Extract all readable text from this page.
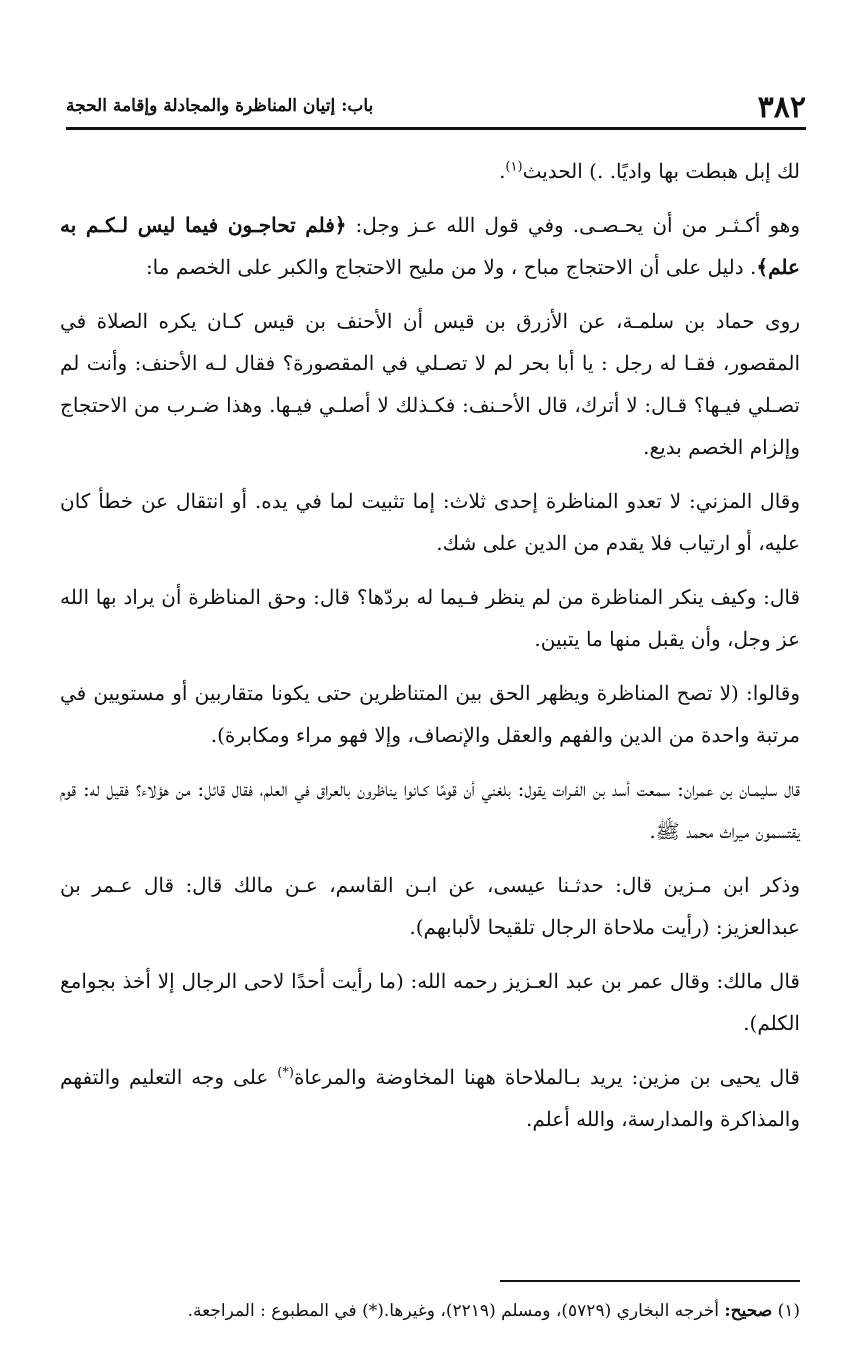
٣٨٢
باب: إتيان المناظرة والمجادلة وإقامة الحجة

لك إبل هبطت بها واديًا. .) الحديث$^{(١)}$.

وهو أكـثـر من أن يحـصـى. وفي قول الله عـز وجل: ﴿فلم تحاجـون فيما ليس لـكـم به علم﴾. دليل على أن الاحتجاج مباح ، ولا من مليح الاحتجاج والكبر على الخصم ما:

روى حماد بن سلمـة، عن الأزرق بن قيس أن الأحنف بن قيس كـان يكره الصلاة في المقصور، فقـا له رجل : يا أبا بحر لم لا تصـلي في المقصورة؟ فقال لـه الأحنف: وأنت لم تصـلي فيـها؟ قـال: لا أترك، قال الأحـنف: فكـذلك لا أصلـي فيـها. وهذا ضـرب من الاحتجاج وإلزام الخصم بديع.

وقال المزني: لا تعدو المناظرة إحدى ثلاث: إما تثبيت لما في يده. أو انتقال عن خطأ كان عليه، أو ارتياب فلا يقدم من الدين على شك.

قال: وكيف ينكر المناظرة من لم ينظر فـيما له بردّها؟ قال: وحق المناظرة أن يراد بها الله عز وجل، وأن يقبل منها ما يتبين.

وقالوا: (لا تصح المناظرة ويظهر الحق بين المتناظرين حتى يكونا متقاربين أو مستويين في مرتبة واحدة من الدين والفهم والعقل والإنصاف، وإلا فهو مراء ومكابرة).

قال سليمـان بن عمران: سمعت أسد بن الفـرات يقول: بلغني أن قومًا كـانوا يناظرون بالعراق في العلم، فقال قائل: من هؤلاء؟ فقيل له: قوم يقتسمون ميراث محمد ﷺ.

وذكر ابن مـزين قال: حدثـنا عيسى، عن ابـن القاسم، عـن مالك قال: قال عـمر بن عبدالعزيز: (رأيت ملاحاة الرجال تلقيحا لألبابهم).

قال مالك: وقال عمر بن عبد العـزيز رحمه الله: (ما رأيت أحدًا لاحى الرجال إلا أخذ بجوامع الكلم).

قال يحيى بن مزين: يريد بـالملاحاة ههنا المخاوضة والمرعاة(*) على وجه التعليم والتفهم والمذاكرة والمدارسة، والله أعلم.

(١) صحيح: أخرجه البخاري (٥٧٢٩)، ومسلم (٢٢١٩)، وغيرها.(*) في المطبوع : المراجعة.
